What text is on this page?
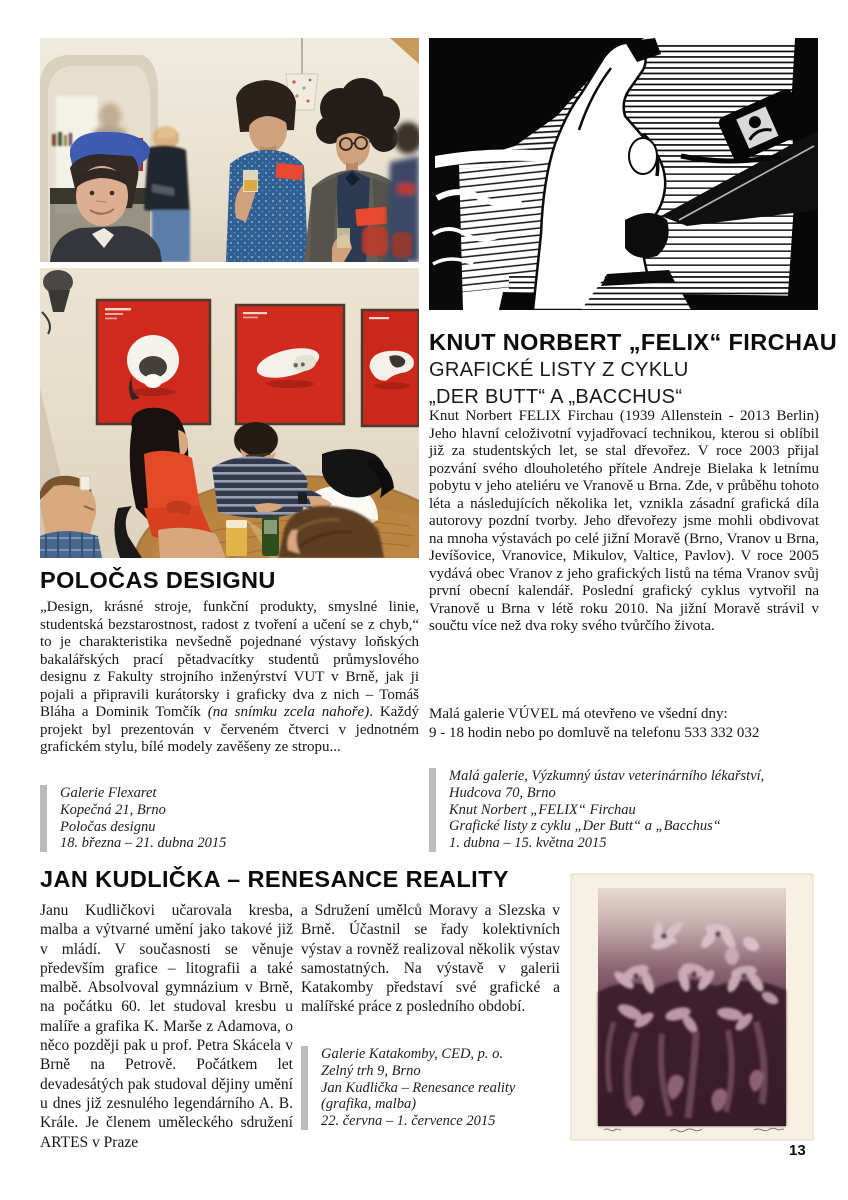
KNUT NORBERT „FELIX“ FIRCHAU
GRAFICKÉ LISTY Z CYKLU
„DER BUTT“ A „BACCHUS“

Knut Norbert FELIX Firchau (1939 Allenstein - 2013 Berlin) Jeho hlavní celoživotní vyjadřovací technikou, kterou si oblíbil již za studentských let, se stal dřevořez. V roce 2003 přijal pozvání svého dlouholetého přítele Andreje Bielaka k letnímu pobytu v jeho ateliéru ve Vranově u Brna. Zde, v průběhu tohoto léta a následujících několika let, vznikla zásadní grafická díla autorovy pozdní tvorby. Jeho dřevořezy jsme mohli obdivovat na mnoha výstavách po celé jižní Moravě (Brno, Vranov u Brna, Jevíšovice, Vranovice, Mikulov, Valtice, Pavlov). V roce 2005 vydává obec Vranov z jeho grafických listů na téma Vranov svůj první obecní kalendář. Poslední grafický cyklus vytvořil na Vranově u Brna v létě roku 2010. Na jižní Moravě strávil v součtu více než dva roky svého tvůrčího života.

Malá galerie VÚVEL má otevřeno ve všední dny:
9 - 18 hodin nebo po domluvě na telefonu 533 332 032
Malá galerie, Výzkumný ústav veterinárního lékařství,
Hudcova 70, Brno
Knut Norbert „FELIX“ Firchau
Grafické listy z cyklu „Der Butt“ a „Bacchus“
1. dubna – 15. května 2015
POLOČAS DESIGNU

„Design, krásné stroje, funkční produkty, smyslné linie, studentská bezstarostnost, radost z tvoření a učení se z chyb,“ to je charakteristika nevšedně pojednané výstavy loňských bakalářských prací pětadvacítky studentů průmyslového designu z Fakulty strojního inženýrství VUT v Brně, jak ji pojali a připravili kurátorsky i graficky dva z nich – Tomáš Bláha a Dominik Tomčík (na snímku zcela nahoře). Každý projekt byl prezentován v červeném čtverci v jednotném grafickém stylu, bílé modely zavěšeny ze stropu...

Galerie Flexaret
Kopečná 21, Brno
Poločas designu
18. března – 21. dubna 2015
JAN KUDLIČKA – RENESANCE REALITY

Janu Kudličkovi učarovala kresba, malba a výtvarné umění jako takové již v mládí. V současnosti se věnuje především grafice – litografii a také malbě. Absolvoval gymnázium v Brně, na počátku 60. let studoval kresbu u malíře a grafika K. Marše z Adamova, o něco později pak u prof. Petra Skácela v Brně na Petrově. Počátkem let devadesátých pak studoval dějiny umění u dnes již zesnulého legendárního A. B. Krále. Je členem uměleckého sdružení ARTES v Praze

a Sdružení umělců Moravy a Slezska v Brně. Účastnil se řady kolektivních výstav a rovněž realizoval několik výstav samostatných. Na výstavě v galerii Katakomby představí své grafické a malířské práce z posledního období.

Galerie Katakomby, CED, p. o.
Zelný trh 9, Brno
Jan Kudlička – Renesance reality
(grafika, malba)
22. června – 1. července 2015
13
